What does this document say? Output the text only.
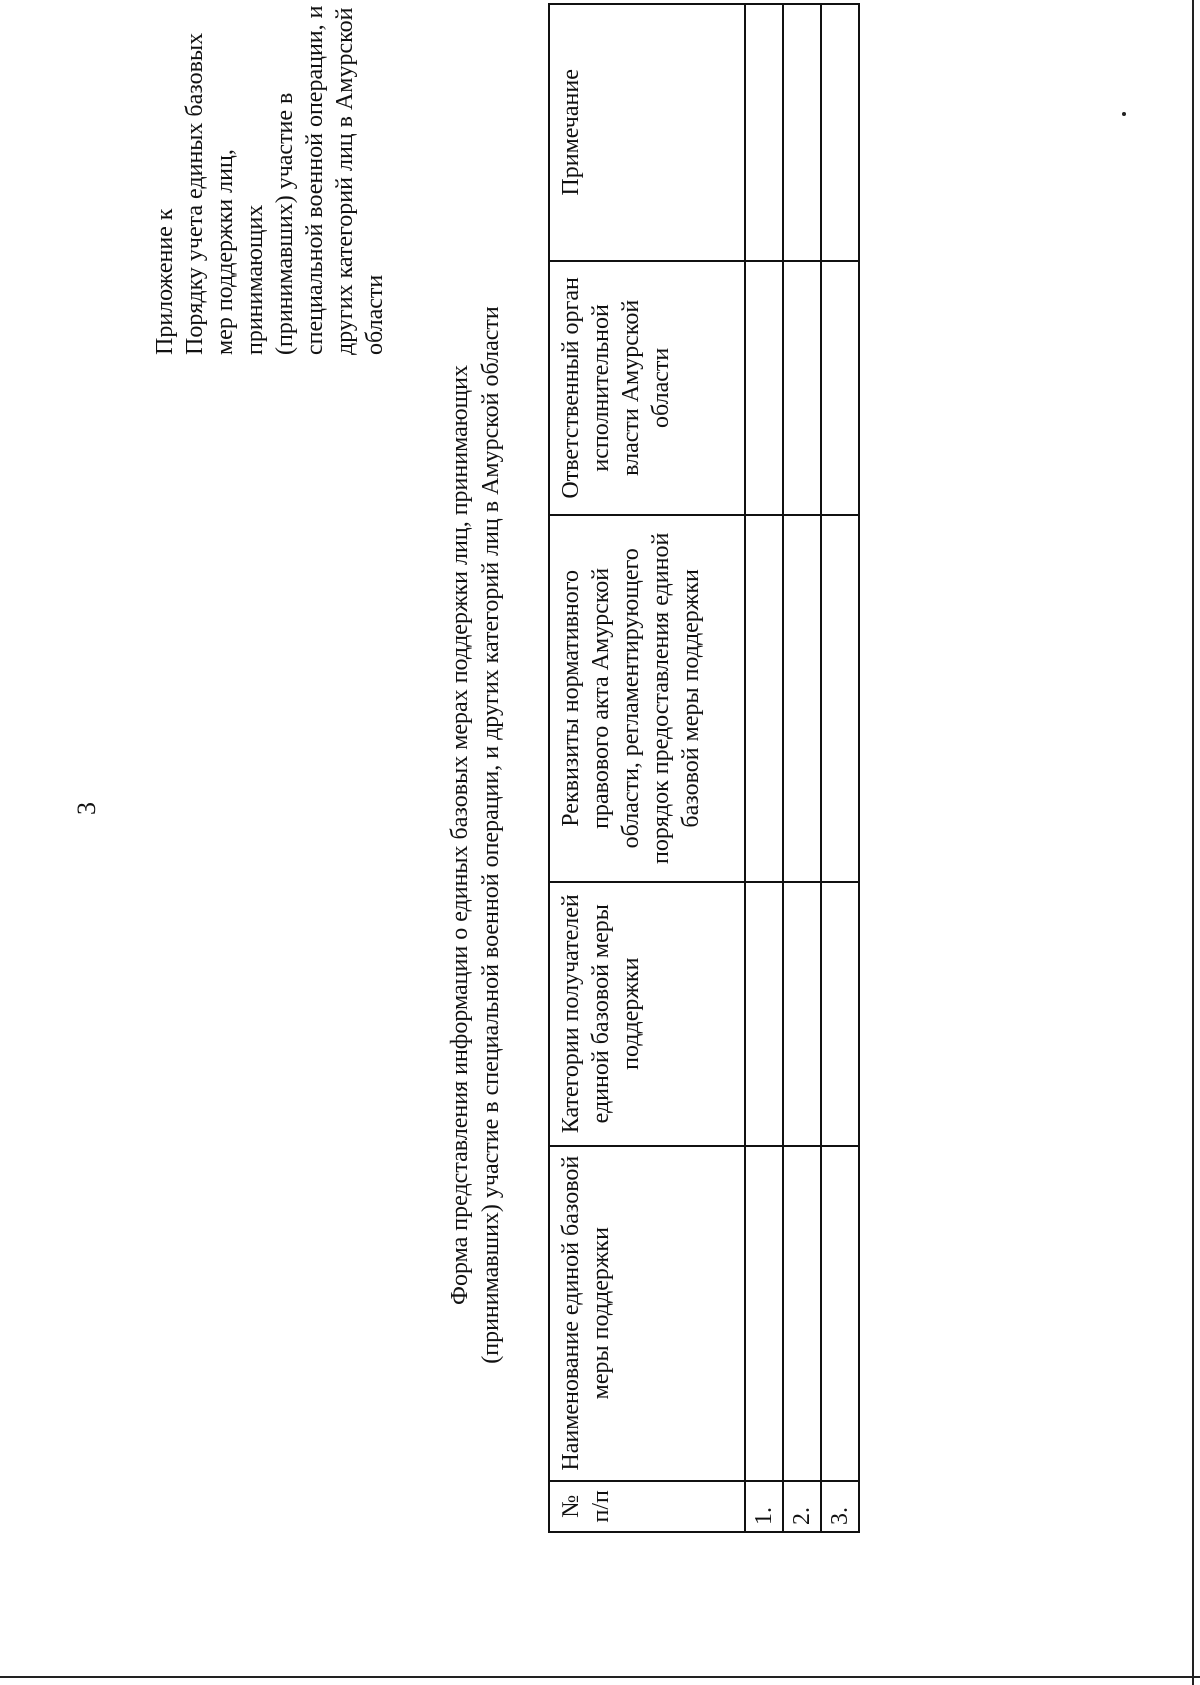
3
Приложение к
Порядку учета единых базовых
мер поддержки лиц, принимающих
(принимавших) участие в
специальной военной операции, и
других категорий лиц в Амурской
области
Форма представления информации о единых базовых мерах поддержки лиц, принимающих
(принимавших) участие в специальной военной операции, и других категорий лиц в Амурской области
№ п/п	Наименование единой базовой меры поддержки	Категории получателей единой базовой меры поддержки	Реквизиты нормативного правового акта Амурской области, регламентирующего порядок предоставления единой базовой меры поддержки	Ответственный орган исполнительной власти Амурской области	Примечание
1.					
2.					
3.					
